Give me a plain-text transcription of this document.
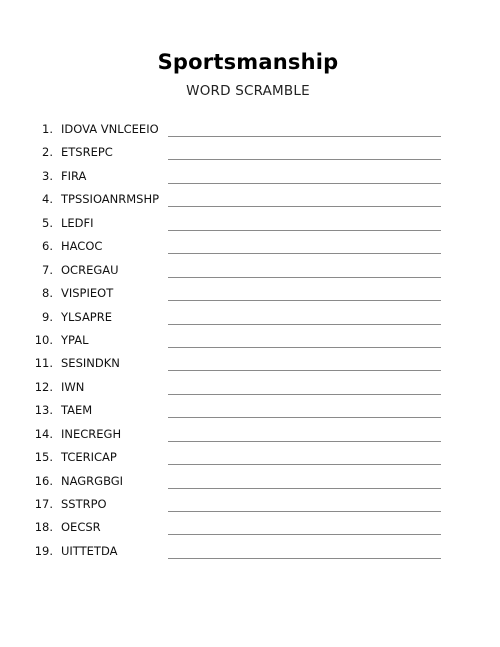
Sportsmanship
WORD SCRAMBLE
1. IDOVA VNLCEEIO
2. ETSREPC
3. FIRA
4. TPSSIOANRMSHP
5. LEDFI
6. HACOC
7. OCREGAU
8. VISPIEOT
9. YLSAPRE
10. YPAL
11. SESINDKN
12. IWN
13. TAEM
14. INECREGH
15. TCERICAP
16. NAGRGBGI
17. SSTRPO
18. OECSR
19. UITTETDA
